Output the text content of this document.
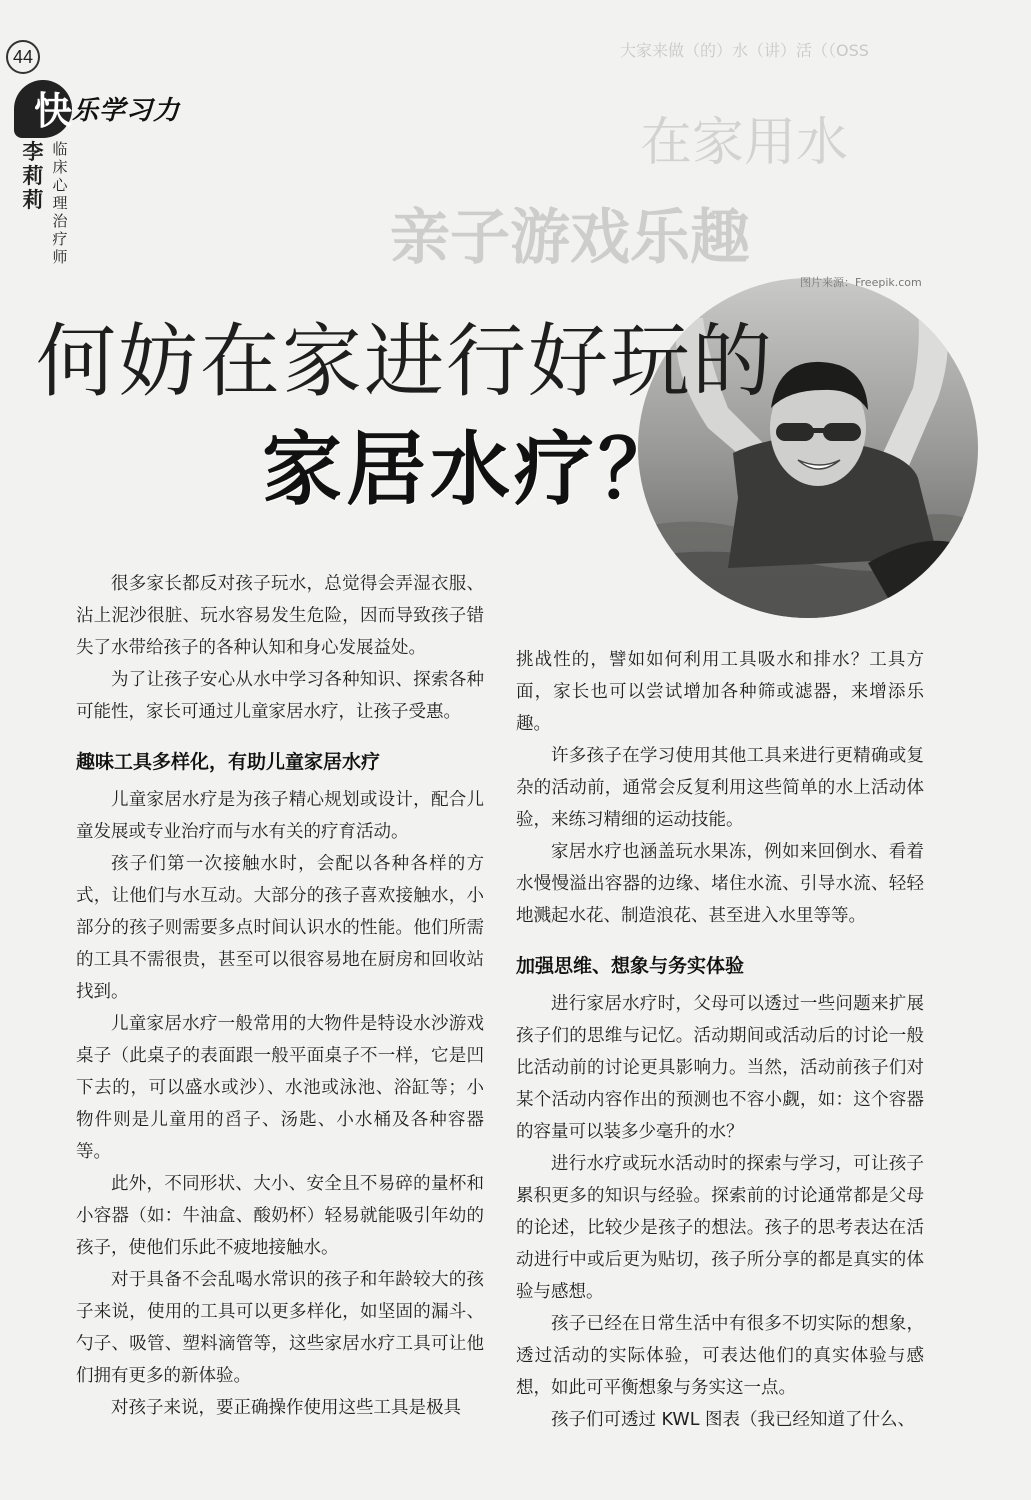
44
快 乐学习力
李莉莉
临床心理治疗师
大家来做（的）水（讲）活（（OSS
在家用水
亲子游戏乐趣
图片来源：Freepik.com
何妨在家进行好玩的
家居水疗？

很多家长都反对孩子玩水，总觉得会弄湿衣服、沾上泥沙很脏、玩水容易发生危险，因而导致孩子错失了水带给孩子的各种认知和身心发展益处。

为了让孩子安心从水中学习各种知识、探索各种可能性，家长可通过儿童家居水疗，让孩子受惠。

趣味工具多样化，有助儿童家居水疗

儿童家居水疗是为孩子精心规划或设计，配合儿童发展或专业治疗而与水有关的疗育活动。

孩子们第一次接触水时，会配以各种各样的方式，让他们与水互动。大部分的孩子喜欢接触水，小部分的孩子则需要多点时间认识水的性能。他们所需的工具不需很贵，甚至可以很容易地在厨房和回收站找到。

儿童家居水疗一般常用的大物件是特设水沙游戏桌子（此桌子的表面跟一般平面桌子不一样，它是凹下去的，可以盛水或沙）、水池或泳池、浴缸等；小物件则是儿童用的舀子、汤匙、小水桶及各种容器等。

此外，不同形状、大小、安全且不易碎的量杯和小容器（如：牛油盒、酸奶杯）轻易就能吸引年幼的孩子，使他们乐此不疲地接触水。

对于具备不会乱喝水常识的孩子和年龄较大的孩子来说，使用的工具可以更多样化，如坚固的漏斗、勺子、吸管、塑料滴管等，这些家居水疗工具可让他们拥有更多的新体验。

对孩子来说，要正确操作使用这些工具是极具

挑战性的，譬如如何利用工具吸水和排水？工具方面，家长也可以尝试增加各种筛或滤器，来增添乐趣。

许多孩子在学习使用其他工具来进行更精确或复杂的活动前，通常会反复利用这些简单的水上活动体验，来练习精细的运动技能。

家居水疗也涵盖玩水果冻，例如来回倒水、看着水慢慢溢出容器的边缘、堵住水流、引导水流、轻轻地溅起水花、制造浪花、甚至进入水里等等。

加强思维、想象与务实体验

进行家居水疗时，父母可以透过一些问题来扩展孩子们的思维与记忆。活动期间或活动后的讨论一般比活动前的讨论更具影响力。当然，活动前孩子们对某个活动内容作出的预测也不容小觑，如：这个容器的容量可以装多少毫升的水？

进行水疗或玩水活动时的探索与学习，可让孩子累积更多的知识与经验。探索前的讨论通常都是父母的论述，比较少是孩子的想法。孩子的思考表达在活动进行中或后更为贴切，孩子所分享的都是真实的体验与感想。

孩子已经在日常生活中有很多不切实际的想象，透过活动的实际体验，可表达他们的真实体验与感想，如此可平衡想象与务实这一点。

孩子们可透过 KWL 图表（我已经知道了什么、
